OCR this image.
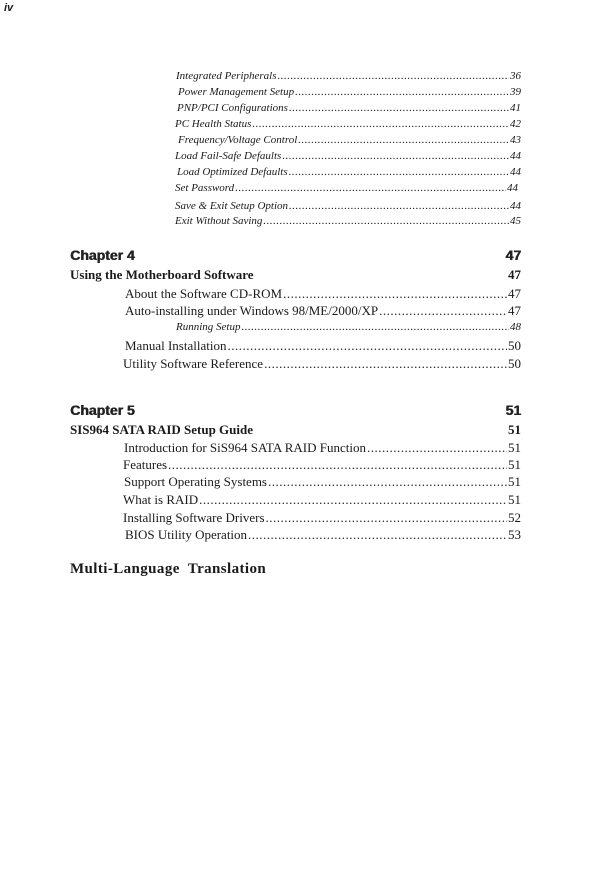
iv
Integrated Peripherals .....	36
Power Management Setup .....	39
PNP/PCI Configurations .....	41
PC Health Status .....	42
Frequency/Voltage Control .....	43
Load Fail-Safe Defaults .....	44
Load Optimized Defaults .....	44
Set Password .....	44
Save & Exit Setup Option .....	44
Exit Without Saving .....	45
Chapter 4	47
Using the Motherboard Software	47
About the Software CD-ROM .....	47
Auto-installing under Windows 98/ME/2000/XP .....	47
Running Setup .....	48
Manual Installation .....	50
Utility Software Reference .....	50
Chapter 5	51
SIS964 SATA RAID Setup Guide	51
Introduction for SiS964 SATA RAID Function .....	51
Features .....	51
Support Operating Systems .....	51
What is RAID .....	51
Installing Software Drivers .....	52
BIOS Utility Operation .....	53
Multi-Language  Translation
